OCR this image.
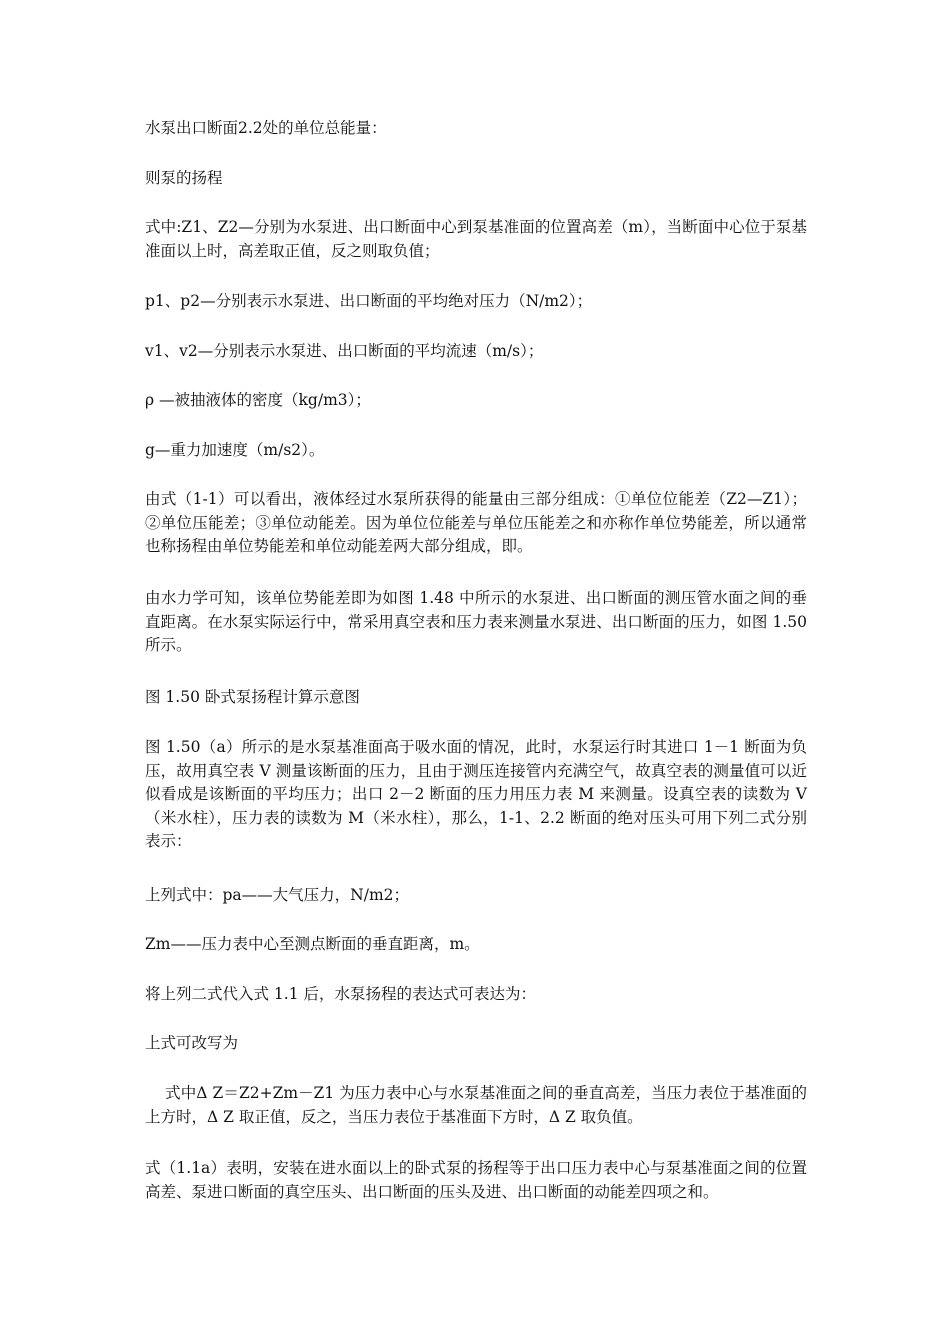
水泵出口断面2.2处的单位总能量：

则泵的扬程

式中:Z1、Z2—分别为水泵进、出口断面中心到泵基准面的位置高差（m），当断面中心位于泵基准面以上时，高差取正值，反之则取负值；

p1、p2—分别表示水泵进、出口断面的平均绝对压力（N/m2）；

v1、v2—分别表示水泵进、出口断面的平均流速（m/s）；

ρ —被抽液体的密度（kg/m3）；

g—重力加速度（m/s2）。

由式（1-1）可以看出，液体经过水泵所获得的能量由三部分组成：①单位位能差（Z2—Z1）；②单位压能差；③单位动能差。因为单位位能差与单位压能差之和亦称作单位势能差，所以通常也称扬程由单位势能差和单位动能差两大部分组成，即。

由水力学可知，该单位势能差即为如图 1.48 中所示的水泵进、出口断面的测压管水面之间的垂直距离。在水泵实际运行中，常采用真空表和压力表来测量水泵进、出口断面的压力，如图 1.50 所示。

图 1.50 卧式泵扬程计算示意图

图 1.50（a）所示的是水泵基准面高于吸水面的情况，此时，水泵运行时其进口 1－1 断面为负压，故用真空表 V 测量该断面的压力，且由于测压连接管内充满空气，故真空表的测量值可以近似看成是该断面的平均压力；出口 2－2 断面的压力用压力表 M 来测量。设真空表的读数为 V（米水柱），压力表的读数为 M（米水柱），那么，1-1、2.2 断面的绝对压头可用下列二式分别表示：

上列式中：pa——大气压力，N/m2；

Zm——压力表中心至测点断面的垂直距离，m。

将上列二式代入式 1.1 后，水泵扬程的表达式可表达为：

上式可改写为

式中Δ Z＝Z2+Zm－Z1 为压力表中心与水泵基准面之间的垂直高差，当压力表位于基准面的上方时，Δ Z 取正值，反之，当压力表位于基准面下方时，Δ Z 取负值。

式（1.1a）表明，安装在进水面以上的卧式泵的扬程等于出口压力表中心与泵基准面之间的位置高差、泵进口断面的真空压头、出口断面的压头及进、出口断面的动能差四项之和。
